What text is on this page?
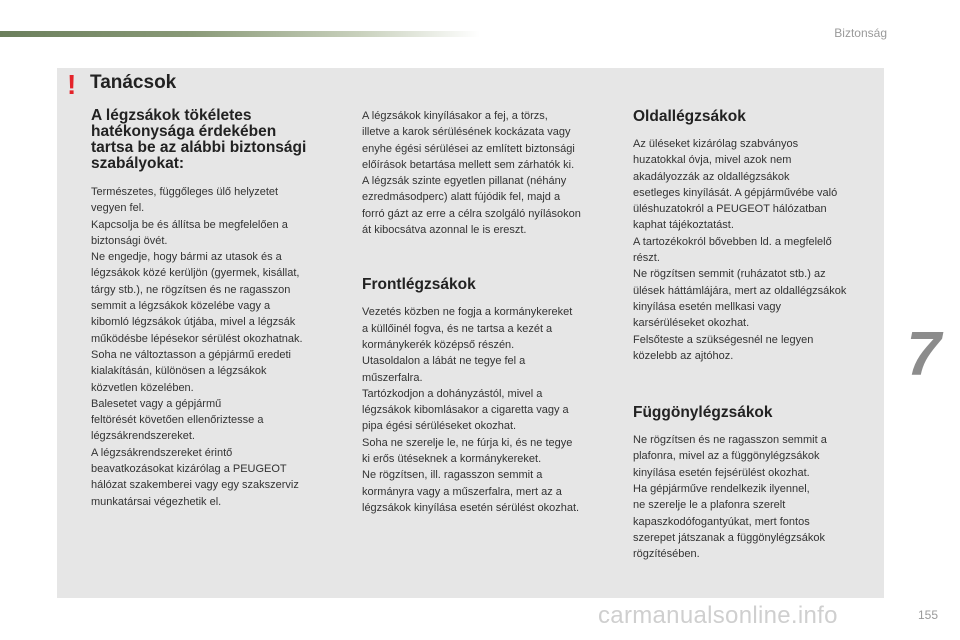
Biztonság
! Tanácsok
A légzsákok tökéletes
hatékonysága érdekében
tartsa be az alábbi biztonsági
szabályokat:

Természetes, függőleges ülő helyzetet
vegyen fel.
Kapcsolja be és állítsa be megfelelően a
biztonsági övét.
Ne engedje, hogy bármi az utasok és a
légzsákok közé kerüljön (gyermek, kisállat,
tárgy stb.), ne rögzítsen és ne ragasszon
semmit a légzsákok közelébe vagy a
kibomló légzsákok útjába, mivel a légzsák
működésbe lépésekor sérülést okozhatnak.
Soha ne változtasson a gépjármű eredeti
kialakításán, különösen a légzsákok
közvetlen közelében.
Balesetet vagy a gépjármű
feltörését követően ellenőriztesse a
légzsákrendszereket.
A légzsákrendszereket érintő
beavatkozásokat kizárólag a PEUGEOT
hálózat szakemberei vagy egy szakszerviz
munkatársai végezhetik el.

A légzsákok kinyílásakor a fej, a törzs,
illetve a karok sérülésének kockázata vagy
enyhe égési sérülései az említett biztonsági
előírások betartása mellett sem zárhatók ki.
A légzsák szinte egyetlen pillanat (néhány
ezredmásodperc) alatt fújódik fel, majd a
forró gázt az erre a célra szolgáló nyílásokon
át kibocsátva azonnal le is ereszt.

Frontlégzsákok

Vezetés közben ne fogja a kormánykereket
a küllőinél fogva, és ne tartsa a kezét a
kormánykerék középső részén.
Utasoldalon a lábát ne tegye fel a
műszerfalra.
Tartózkodjon a dohányzástól, mivel a
légzsákok kibomlásakor a cigaretta vagy a
pipa égési sérüléseket okozhat.
Soha ne szerelje le, ne fúrja ki, és ne tegye
ki erős ütéseknek a kormánykereket.
Ne rögzítsen, ill. ragasszon semmit a
kormányra vagy a műszerfalra, mert az a
légzsákok kinyílása esetén sérülést okozhat.

Oldallégzsákok

Az üléseket kizárólag szabványos
huzatokkal óvja, mivel azok nem
akadályozzák az oldallégzsákok
esetleges kinyílását. A gépjárművébe való
üléshuzatokról a PEUGEOT hálózatban
kaphat tájékoztatást.
A tartozékokról bővebben ld. a megfelelő
részt.
Ne rögzítsen semmit (ruházatot stb.) az
ülések háttámlájára, mert az oldallégzsákok
kinyílása esetén mellkasi vagy
karsérüléseket okozhat.
Felsőteste a szükségesnél ne legyen
közelebb az ajtóhoz.

Függönylégzsákok

Ne rögzítsen és ne ragasszon semmit a
plafonra, mivel az a függönylégzsákok
kinyílása esetén fejsérülést okozhat.
Ha gépjárműve rendelkezik ilyennel,
ne szerelje le a plafonra szerelt
kapaszkodófogantyúkat, mert fontos
szerepet játszanak a függönylégzsákok
rögzítésében.

7
carmanualsonline.info	155
